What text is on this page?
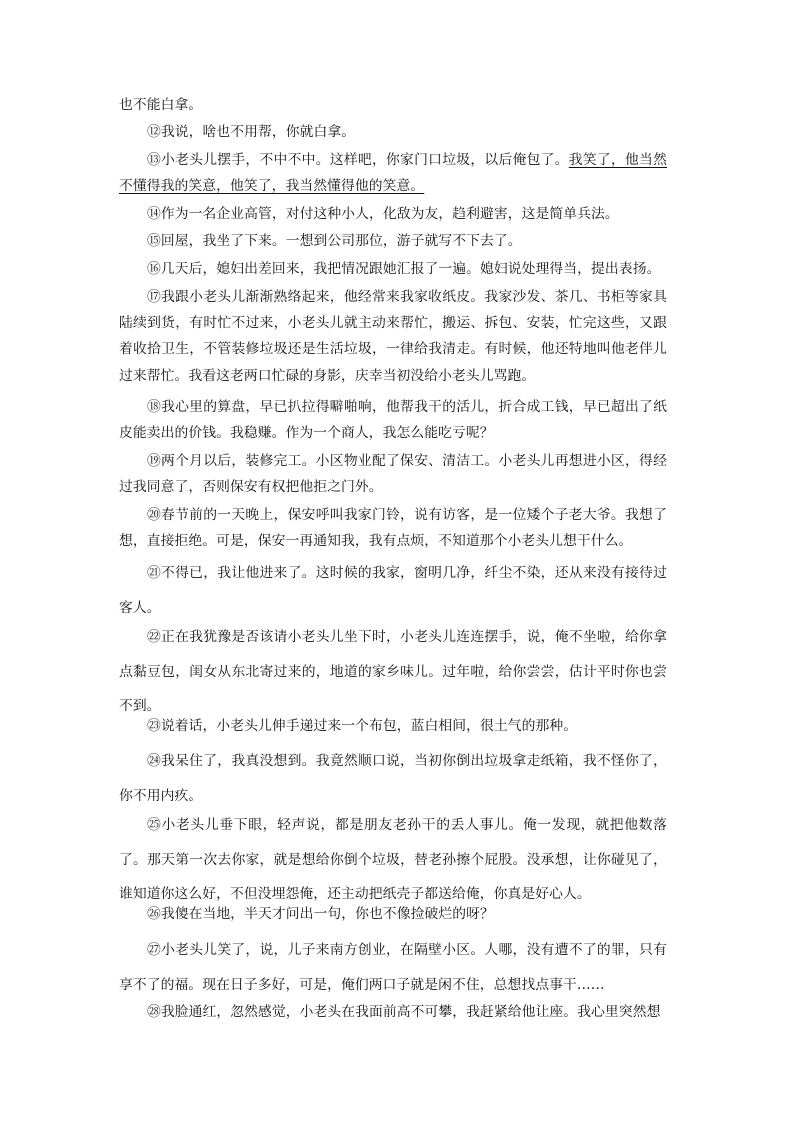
也不能白拿。

⑫我说，啥也不用帮，你就白拿。

⑬小老头儿摆手，不中不中。这样吧，你家门口垃圾，以后俺包了。我笑了，他当然不懂得我的笑意，他笑了，我当然懂得他的笑意。

⑭作为一名企业高管，对付这种小人，化敌为友，趋利避害，这是简单兵法。

⑮回屋，我坐了下来。一想到公司那位，游子就写不下去了。

⑯几天后，媳妇出差回来，我把情况跟她汇报了一遍。媳妇说处理得当，提出表扬。

⑰我跟小老头儿渐渐熟络起来，他经常来我家收纸皮。我家沙发、茶几、书柜等家具陆续到货，有时忙不过来，小老头儿就主动来帮忙，搬运、拆包、安装，忙完这些，又跟着收拾卫生，不管装修垃圾还是生活垃圾，一律给我清走。有时候，他还特地叫他老伴儿过来帮忙。我看这老两口忙碌的身影，庆幸当初没给小老头儿骂跑。

⑱我心里的算盘，早已扒拉得噼啪响，他帮我干的活儿，折合成工钱，早已超出了纸皮能卖出的价钱。我稳赚。作为一个商人，我怎么能吃亏呢？

⑲两个月以后，装修完工。小区物业配了保安、清洁工。小老头儿再想进小区，得经过我同意了，否则保安有权把他拒之门外。

⑳春节前的一天晚上，保安呼叫我家门铃，说有访客，是一位矮个子老大爷。我想了想，直接拒绝。可是，保安一再通知我，我有点烦，不知道那个小老头儿想干什么。

㉑不得已，我让他进来了。这时候的我家，窗明几净，纤尘不染，还从来没有接待过客人。

㉒正在我犹豫是否该请小老头儿坐下时，小老头儿连连摆手，说，俺不坐啦，给你拿点黏豆包，闺女从东北寄过来的，地道的家乡味儿。过年啦，给你尝尝，估计平时你也尝不到。

㉓说着话，小老头儿伸手递过来一个布包，蓝白相间，很土气的那种。

㉔我呆住了，我真没想到。我竟然顺口说，当初你倒出垃圾拿走纸箱，我不怪你了，你不用内疚。

㉕小老头儿垂下眼，轻声说，都是朋友老孙干的丢人事儿。俺一发现，就把他数落了。那天第一次去你家，就是想给你倒个垃圾，替老孙擦个屁股。没承想，让你碰见了，谁知道你这么好，不但没埋怨俺，还主动把纸壳子都送给俺，你真是好心人。

㉖我傻在当地，半天才问出一句，你也不像捡破烂的呀？

㉗小老头儿笑了，说，儿子来南方创业，在隔壁小区。人哪，没有遭不了的罪，只有享不了的福。现在日子多好，可是，俺们两口子就是闲不住，总想找点事干……

㉘我脸通红，忽然感觉，小老头在我面前高不可攀，我赶紧给他让座。我心里突然想
